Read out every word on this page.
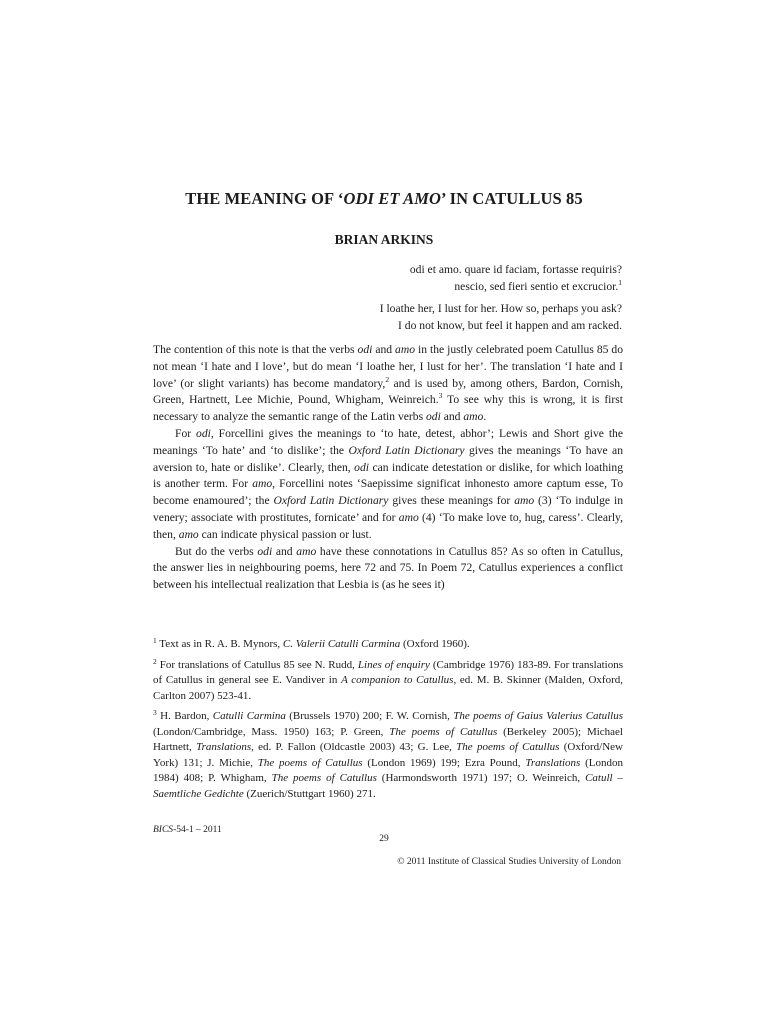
THE MEANING OF ‘ODI ET AMO’ IN CATULLUS 85
BRIAN ARKINS
odi et amo. quare id faciam, fortasse requiris?
nescio, sed fieri sentio et excrucior.$^1$
I loathe her, I lust for her. How so, perhaps you ask?
I do not know, but feel it happen and am racked.

The contention of this note is that the verbs odi and amo in the justly celebrated poem Catullus 85 do not mean ‘I hate and I love’, but do mean ‘I loathe her, I lust for her’. The translation ‘I hate and I love’ (or slight variants) has become mandatory,$^2$ and is used by, among others, Bardon, Cornish, Green, Hartnett, Lee Michie, Pound, Whigham, Weinreich.$^3$ To see why this is wrong, it is first necessary to analyze the semantic range of the Latin verbs odi and amo.

For odi, Forcellini gives the meanings to ‘to hate, detest, abhor’; Lewis and Short give the meanings ‘To hate’ and ‘to dislike’; the Oxford Latin Dictionary gives the meanings ‘To have an aversion to, hate or dislike’. Clearly, then, odi can indicate detestation or dislike, for which loathing is another term. For amo, Forcellini notes ‘Saepissime significat inhonesto amore captum esse, To become enamoured’; the Oxford Latin Dictionary gives these meanings for amo (3) ‘To indulge in venery; associate with prostitutes, fornicate’ and for amo (4) ‘To make love to, hug, caress’. Clearly, then, amo can indicate physical passion or lust.

But do the verbs odi and amo have these connotations in Catullus 85? As so often in Catullus, the answer lies in neighbouring poems, here 72 and 75. In Poem 72, Catullus experiences a conflict between his intellectual realization that Lesbia is (as he sees it)

$^1$ Text as in R. A. B. Mynors, C. Valerii Catulli Carmina (Oxford 1960).

$^2$ For translations of Catullus 85 see N. Rudd, Lines of enquiry (Cambridge 1976) 183-89. For translations of Catullus in general see E. Vandiver in A companion to Catullus, ed. M. B. Skinner (Malden, Oxford, Carlton 2007) 523-41.

$^3$ H. Bardon, Catulli Carmina (Brussels 1970) 200; F. W. Cornish, The poems of Gaius Valerius Catullus (London/Cambridge, Mass. 1950) 163; P. Green, The poems of Catullus (Berkeley 2005); Michael Hartnett, Translations, ed. P. Fallon (Oldcastle 2003) 43; G. Lee, The poems of Catullus (Oxford/New York) 131; J. Michie, The poems of Catullus (London 1969) 199; Ezra Pound, Translations (London 1984) 408; P. Whigham, The poems of Catullus (Harmondsworth 1971) 197; O. Weinreich, Catull – Saemtliche Gedichte (Zuerich/Stuttgart 1960) 271.

BICS-54-1 – 2011
29
© 2011 Institute of Classical Studies University of London
